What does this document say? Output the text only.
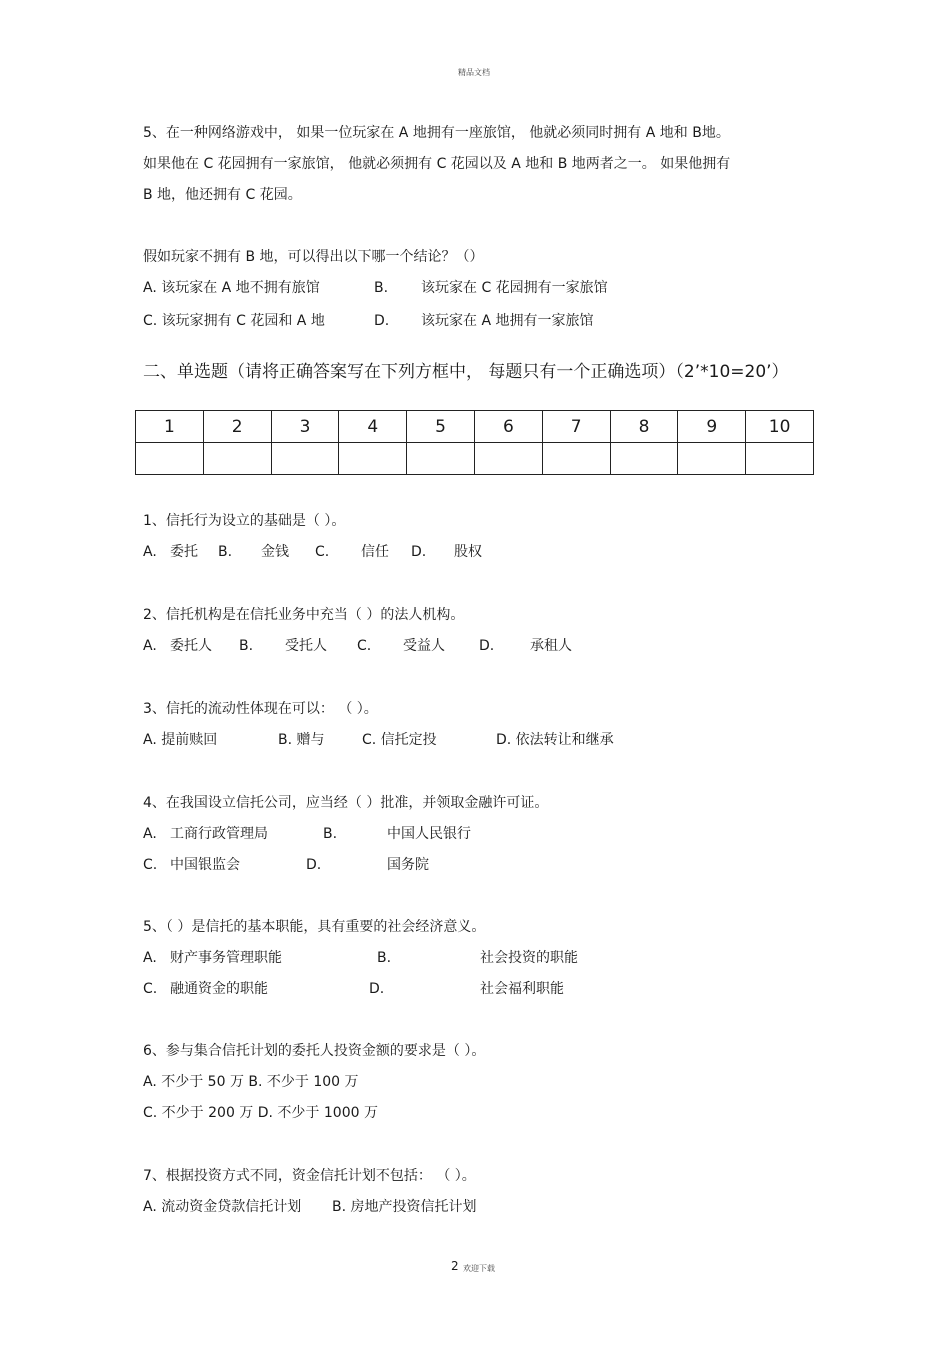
精品文档
5、在一种网络游戏中， 如果一位玩家在 A 地拥有一座旅馆， 他就必须同时拥有 A 地和 B地。
如果他在 C 花园拥有一家旅馆， 他就必须拥有 C 花园以及 A 地和 B 地两者之一。 如果他拥有
B 地，他还拥有 C 花园。
假如玩家不拥有 B 地，可以得出以下哪一个结论？（）
A. 该玩家在 A 地不拥有旅馆	B. 该玩家在 C 花园拥有一家旅馆
C. 该玩家拥有 C 花园和 A 地	D. 该玩家在 A 地拥有一家旅馆
二、单选题（请将正确答案写在下列方框中， 每题只有一个正确选项）（2’*10=20’）
1	2	3	4	5	6	7	8	9	10

1、信托行为设立的基础是（ ）。
A. 委托 B. 金钱 C. 信任 D. 股权
2、信托机构是在信托业务中充当（ ）的法人机构。
A. 委托人 B. 受托人 C. 受益人 D.	承租人
3、信托的流动性体现在可以： （ ）。
A. 提前赎回	B. 赠与	C. 信托定投	D. 依法转让和继承
4、在我国设立信托公司，应当经（ ）批准，并领取金融许可证。
A. 工商行政管理局	B.	中国人民银行
C. 中国银监会	D.	国务院
5、（ ）是信托的基本职能，具有重要的社会经济意义。
A. 财产事务管理职能	B.	社会投资的职能
C. 融通资金的职能	D.	社会福利职能
6、参与集合信托计划的委托人投资金额的要求是（ ）。
A. 不少于 50 万 B. 不少于 100 万
C. 不少于 200 万 D. 不少于 1000 万
7、根据投资方式不同，资金信托计划不包括： （ ）。
A. 流动资金贷款信托计划 B. 房地产投资信托计划
2 欢迎下载
